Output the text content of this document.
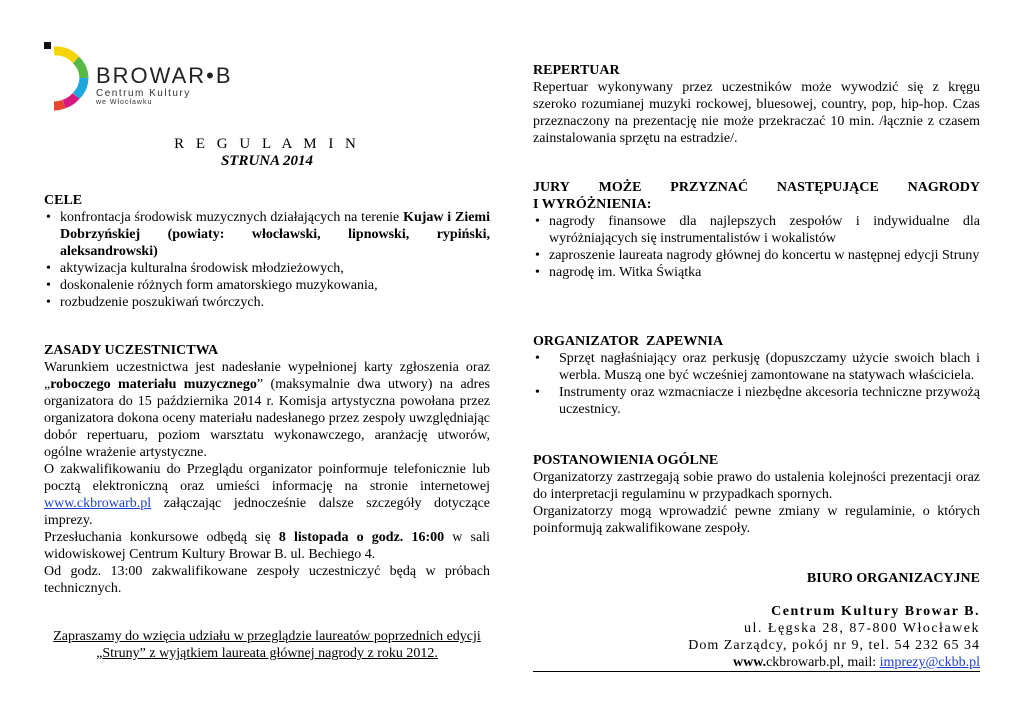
BROWAR•B
Centrum Kultury
we Włocławku

R E G U L A M I N

STRUNA 2014

CELE

• konfrontacja środowisk muzycznych działających na terenie Kujaw i Ziemi Dobrzyńskiej (powiaty: włocławski, lipnowski, rypiński, aleksandrowski)
• aktywizacja kulturalna środowisk młodzieżowych,
• doskonalenie różnych form amatorskiego muzykowania,
• rozbudzenie poszukiwań twórczych.

ZASADY UCZESTNICTWA

Warunkiem uczestnictwa jest nadesłanie wypełnionej karty zgłoszenia oraz „roboczego materiału muzycznego” (maksymalnie dwa utwory) na adres organizatora do 15 października 2014 r. Komisja artystyczna powołana przez organizatora dokona oceny materiału nadesłanego przez zespoły uwzględniając dobór repertuaru, poziom warsztatu wykonawczego, aranżację utworów, ogólne wrażenie artystyczne.

O zakwalifikowaniu do Przeglądu organizator poinformuje telefonicznie lub pocztą elektroniczną oraz umieści informację na stronie internetowej www.ckbrowarb.pl załączając jednocześnie dalsze szczegóły dotyczące imprezy.

Przesłuchania konkursowe odbędą się 8 listopada o godz. 16:00 w sali widowiskowej Centrum Kultury Browar B. ul. Bechiego 4.

Od godz. 13:00 zakwalifikowane zespoły uczestniczyć będą w próbach technicznych.

Zapraszamy do wzięcia udziału w przeglądzie laureatów poprzednich edycji „Struny” z wyjątkiem laureata głównej nagrody z roku 2012.

REPERTUAR

Repertuar wykonywany przez uczestników może wywodzić się z kręgu szeroko rozumianej muzyki rockowej, bluesowej, country, pop, hip-hop. Czas przeznaczony na prezentację nie może przekraczać 10 min. /łącznie z czasem zainstalowania sprzętu na estradzie/.

JURY MOŻE PRZYZNAĆ NASTĘPUJĄCE NAGRODY

I WYRÓŻNIENIA:

• nagrody finansowe dla najlepszych zespołów i indywidualne dla wyróżniających się instrumentalistów i wokalistów
• zaproszenie laureata nagrody głównej do koncertu w następnej edycji Struny
• nagrodę im. Witka Świątka

ORGANIZATOR  ZAPEWNIA

• Sprzęt nagłaśniający oraz perkusję (dopuszczamy użycie swoich blach i werbla. Muszą one być wcześniej zamontowane na statywach właściciela.
• Instrumenty oraz wzmacniacze i niezbędne akcesoria techniczne przywożą uczestnicy.

POSTANOWIENIA OGÓLNE

Organizatorzy zastrzegają sobie prawo do ustalenia kolejności prezentacji oraz do interpretacji regulaminu w przypadkach spornych.

Organizatorzy mogą wprowadzić pewne zmiany w regulaminie, o których poinformują zakwalifikowane zespoły.

BIURO ORGANIZACYJNE

Centrum Kultury Browar B.

ul. Łęgska 28, 87-800 Włocławek

Dom Zarządcy, pokój nr 9, tel. 54 232 65 34

www.ckbrowarb.pl, mail: imprezy@ckbb.pl
